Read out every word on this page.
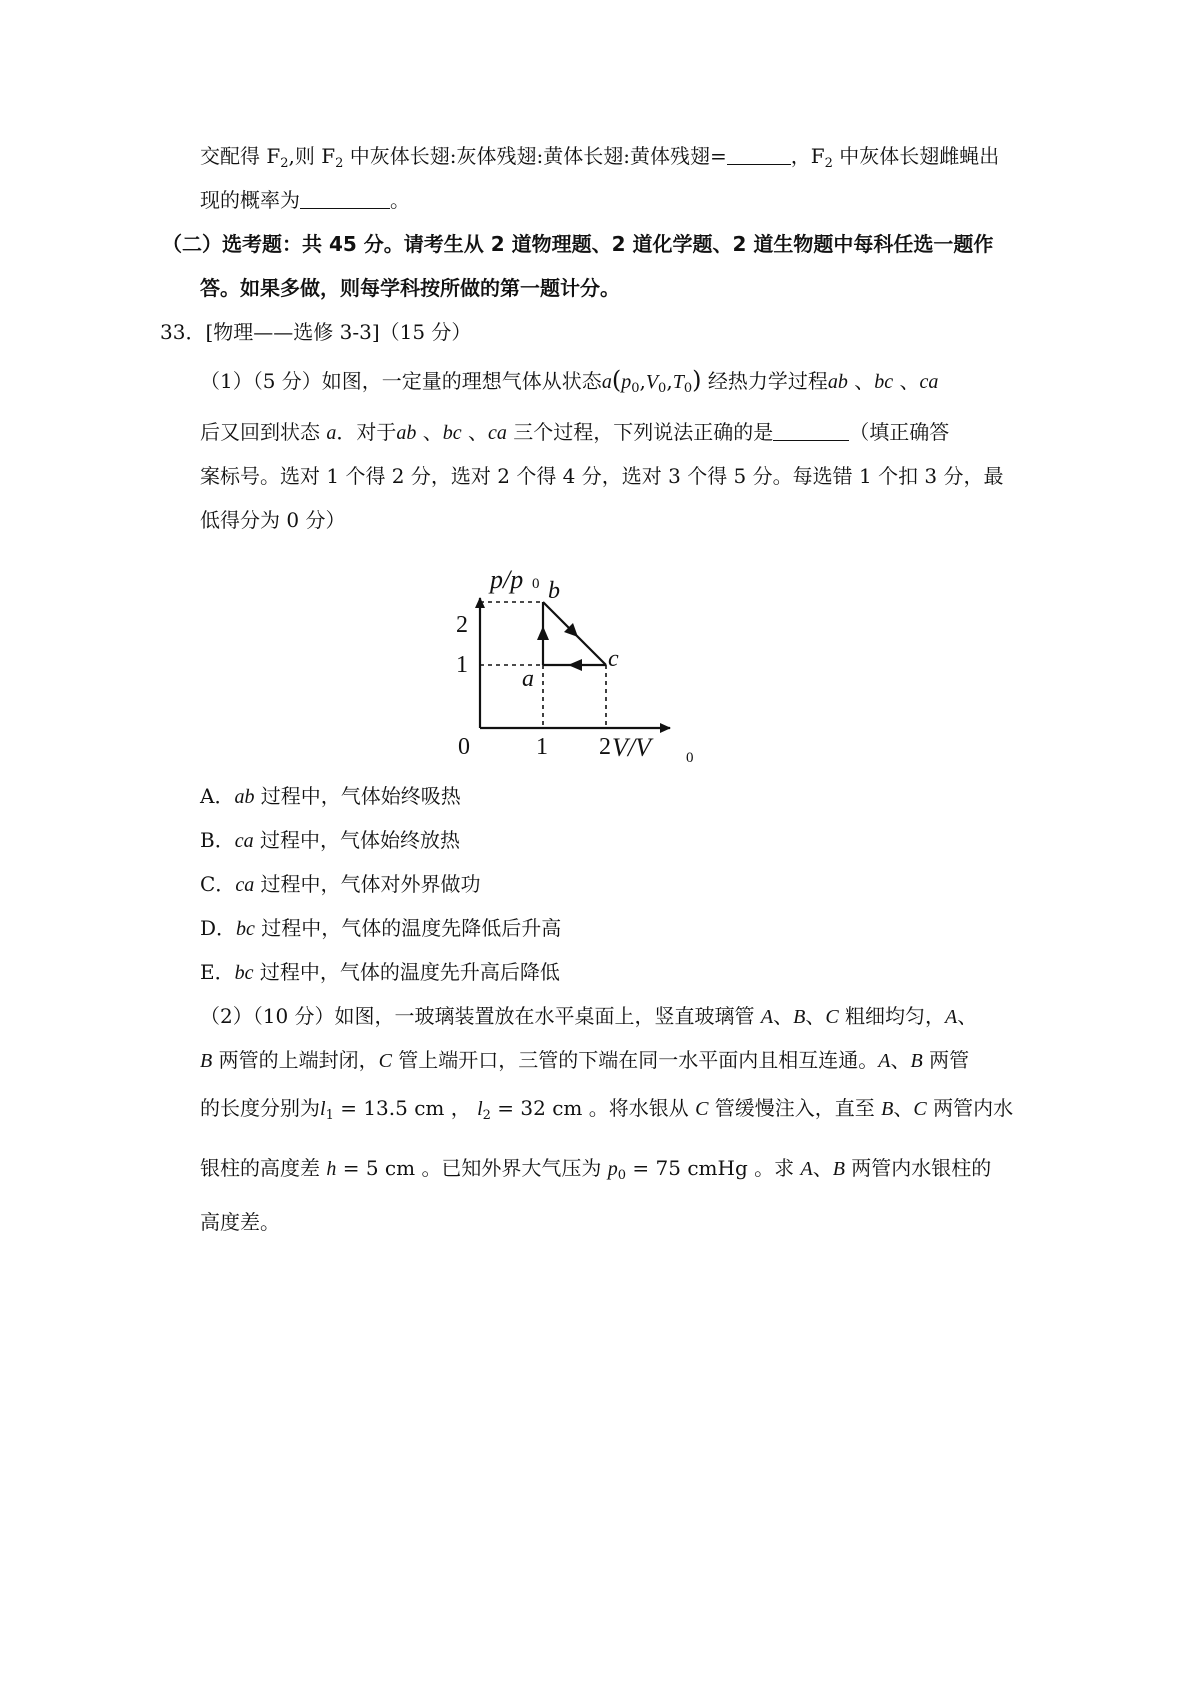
交配得 $F_2$,则 $F_2$ 中灰体长翅:灰体残翅:黄体长翅:黄体残翅=	，$F_2$ 中灰体长翅雌蝇出
现的概率为	。
（二）选考题：共 45 分。请考生从 2 道物理题、2 道化学题、2 道生物题中每科任选一题作
答。如果多做，则每学科按所做的第一题计分。
33．[物理——选修 3-3]（15 分）
（1）（5 分）如图，一定量的理想气体从状态$a(p_0,V_0,T_0)$ 经热力学过程ab 、bc 、ca
后又回到状态 a．对于ab 、bc 、ca 三个过程，下列说法正确的是	（填正确答
案标号。选对 1 个得 2 分，选对 2 个得 4 分，选对 3 个得 5 分。每选错 1 个扣 3 分，最
低得分为 0 分）
p/p 0
V/V 0
0	1 2
2
1
a
b
c
A．ab 过程中，气体始终吸热
B．ca 过程中，气体始终放热
C．ca 过程中，气体对外界做功
D．bc 过程中，气体的温度先降低后升高
E．bc 过程中，气体的温度先升高后降低
（2）（10 分）如图，一玻璃装置放在水平桌面上，竖直玻璃管 A、B、C 粗细均匀，A、
B 两管的上端封闭，C 管上端开口，三管的下端在同一水平面内且相互连通。A、B 两管
的长度分别为$l_1 = 13.5$ cm ， $l_2 = 32$ cm 。将水银从 C 管缓慢注入，直至 B、C 两管内水
银柱的高度差 h = 5 cm 。已知外界大气压为 $p_0 = 75$ cmHg 。求 A、B 两管内水银柱的
高度差。
